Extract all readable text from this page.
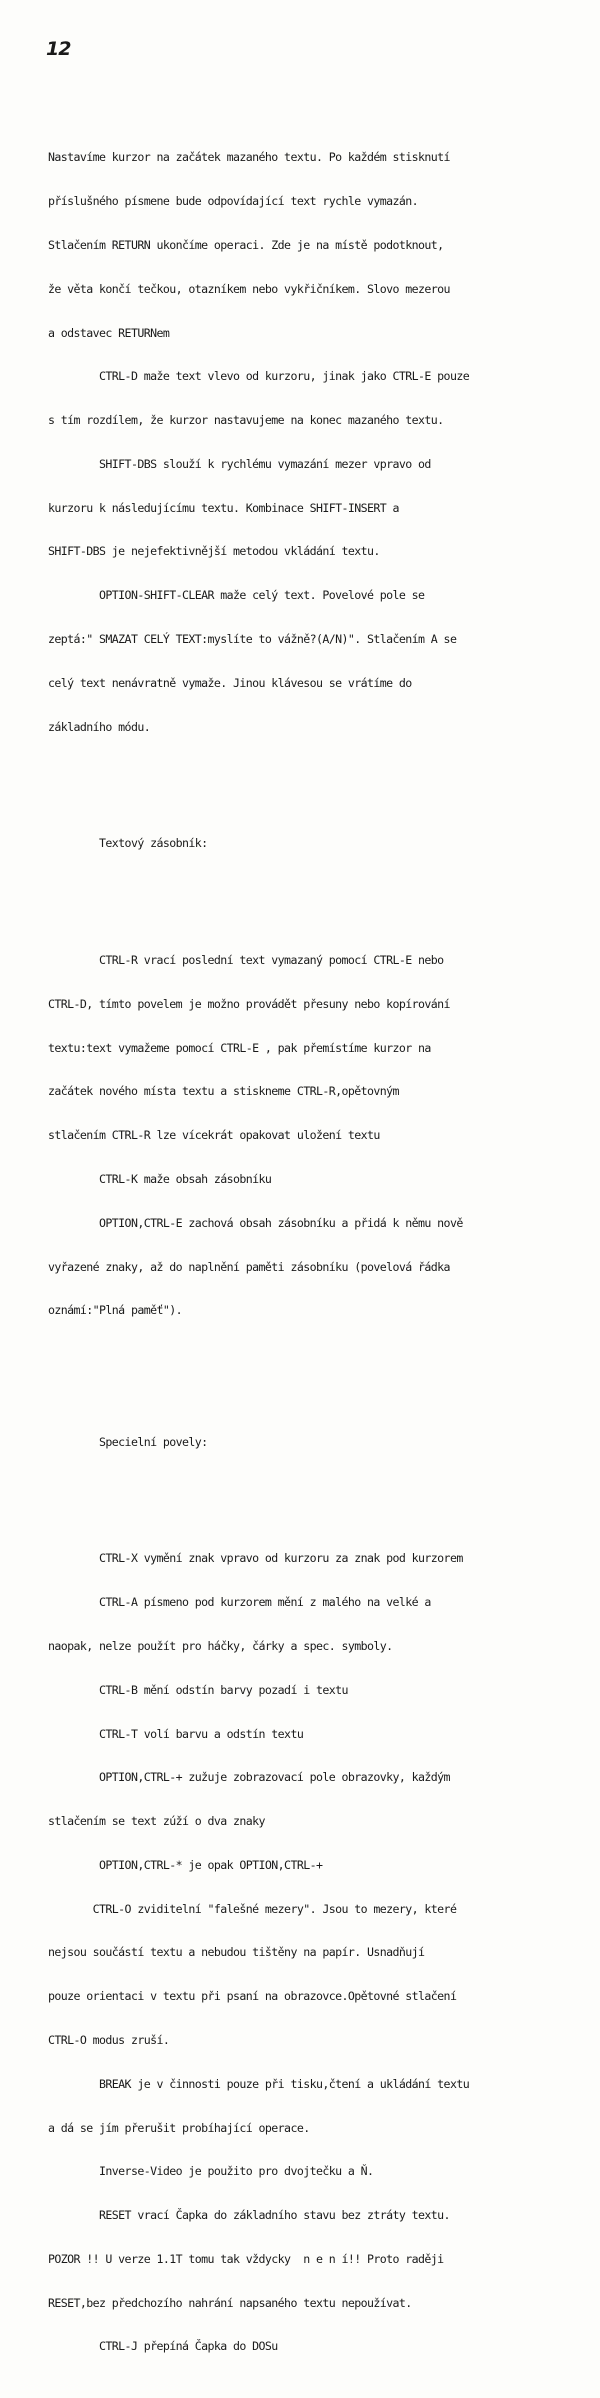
12

Nastavíme kurzor na začátek mazaného textu. Po každém stisknutí

příslušného písmene bude odpovídající text rychle vymazán.

Stlačením RETURN ukončíme operaci. Zde je na místě podotknout,

že věta končí tečkou, otazníkem nebo vykřičníkem. Slovo mezerou

a odstavec RETURNem

CTRL-D maže text vlevo od kurzoru, jinak jako CTRL-E pouze

s tím rozdílem, že kurzor nastavujeme na konec mazaného textu.

SHIFT-DBS slouží k rychlému vymazání mezer vpravo od

kurzoru k následujícímu textu. Kombinace SHIFT-INSERT a

SHIFT-DBS je nejefektivnější metodou vkládání textu.

OPTION-SHIFT-CLEAR maže celý text. Povelové pole se

zeptá:" SMAZAT CELÝ TEXT:myslíte to vážně?(A/N)". Stlačením A se

celý text nenávratně vymaže. Jinou klávesou se vrátíme do

základního módu.

Textový zásobník:

CTRL-R vrací poslední text vymazaný pomocí CTRL-E nebo

CTRL-D, tímto povelem je možno provádět přesuny nebo kopírování

textu:text vymažeme pomocí CTRL-E , pak přemístíme kurzor na

začátek nového místa textu a stiskneme CTRL-R,opětovným

stlačením CTRL-R lze vícekrát opakovat uložení textu

CTRL-K maže obsah zásobníku

OPTION,CTRL-E zachová obsah zásobníku a přidá k němu nově

vyřazené znaky, až do naplnění paměti zásobníku (povelová řádka

oznámí:"Plná paměť").

Specielní povely:

CTRL-X vymění znak vpravo od kurzoru za znak pod kurzorem

CTRL-A písmeno pod kurzorem mění z malého na velké a

naopak, nelze použít pro háčky, čárky a spec. symboly.

CTRL-B mění odstín barvy pozadí i textu

CTRL-T volí barvu a odstín textu

OPTION,CTRL-+ zužuje zobrazovací pole obrazovky, každým

stlačením se text zúží o dva znaky

OPTION,CTRL-* je opak OPTION,CTRL-+

CTRL-O zviditelní "falešné mezery". Jsou to mezery, které

nejsou součástí textu a nebudou tištěny na papír. Usnadňují

pouze orientaci v textu při psaní na obrazovce.Opětovné stlačení

CTRL-O modus zruší.

BREAK je v činnosti pouze při tisku,čtení a ukládání textu

a dá se jím přerušit probíhající operace.

Inverse-Video je použito pro dvojtečku a Ň.

RESET vrací Čapka do základního stavu bez ztráty textu.

POZOR !! U verze 1.1T tomu tak vždycky  n e n í!! Proto raději

RESET,bez předchozího nahrání napsaného textu nepoužívat.

CTRL-J přepíná Čapka do DOSu
